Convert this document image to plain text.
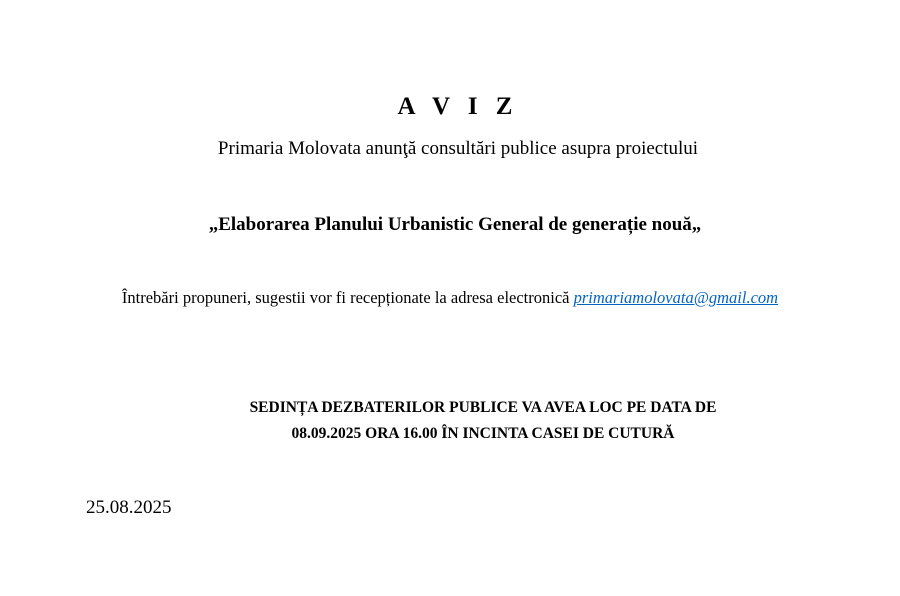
A V I Z
Primaria Molovata anunţă consultări publice asupra proiectului
„Elaborarea Planului Urbanistic General de generație nouă„
Întrebări propuneri, sugestii vor fi recepționate la adresa electronică primariamolovata@gmail.com
SEDINȚA DEZBATERILOR PUBLICE VA AVEA LOC PE DATA DE
08.09.2025 ORA 16.00 ÎN INCINTA CASEI DE CUTURĂ
25.08.2025
